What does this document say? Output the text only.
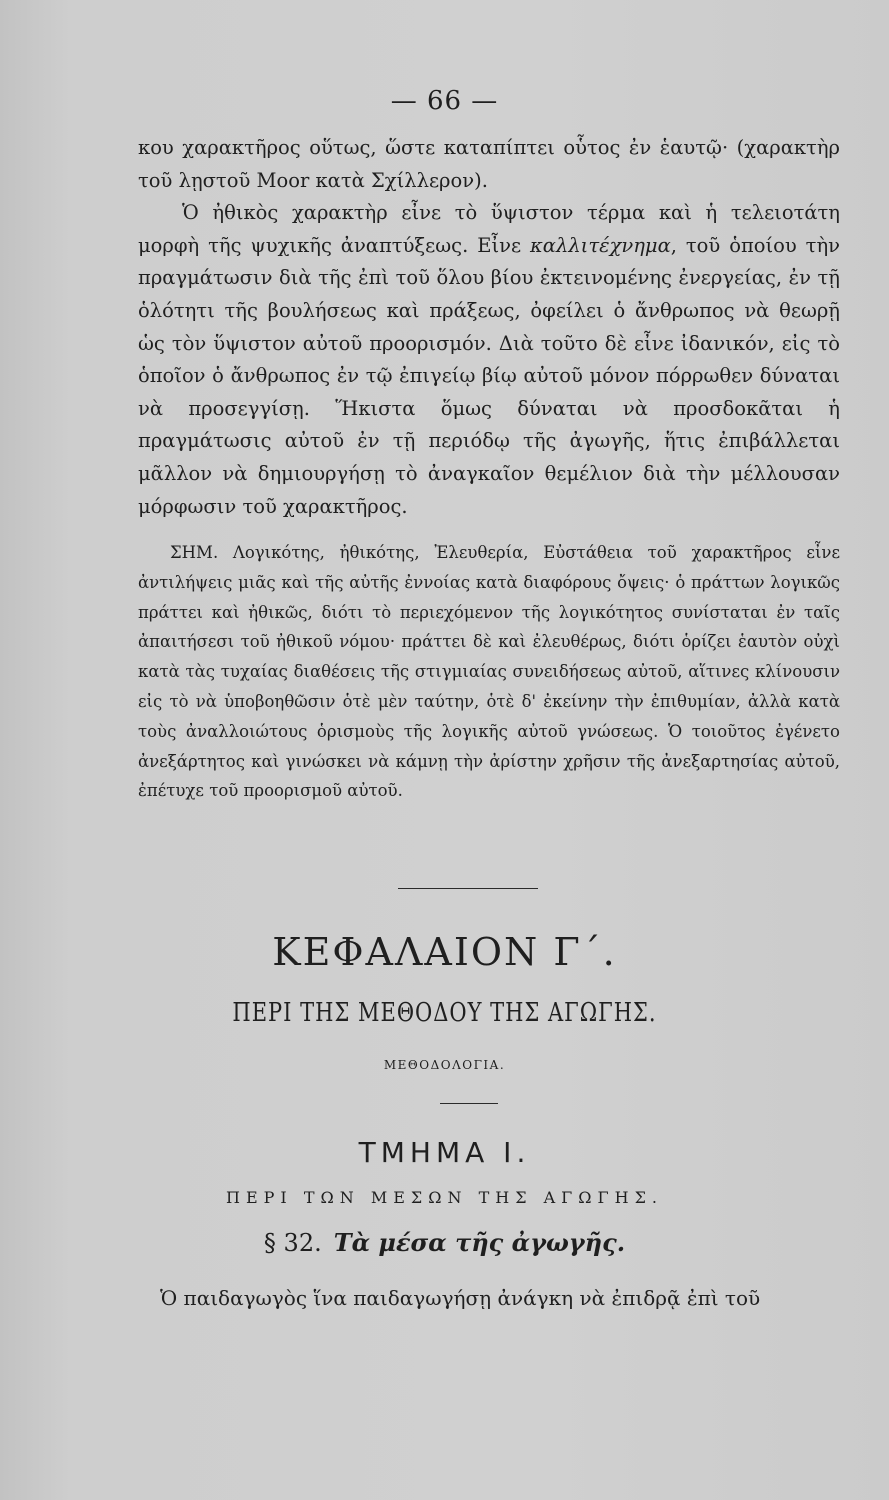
— 66 —

κου χαρακτῆρος οὕτως, ὥστε καταπίπτει οὗτος ἐν ἑαυτῷ· (χαρακτὴρ τοῦ λῃστοῦ Moor κατὰ Σχίλλερον).

Ὁ ἠθικὸς χαρακτὴρ εἶνε τὸ ὕψιστον τέρμα καὶ ἡ τελειοτάτη μορφὴ τῆς ψυχικῆς ἀναπτύξεως. Εἶνε καλλιτέχνημα, τοῦ ὁποίου τὴν πραγμάτωσιν διὰ τῆς ἐπὶ τοῦ ὅλου βίου ἐκτεινομένης ἐνεργείας, ἐν τῇ ὁλότητι τῆς βουλήσεως καὶ πράξεως, ὀφείλει ὁ ἄνθρωπος νὰ θεωρῇ ὡς τὸν ὕψιστον αὐτοῦ προορισμόν. Διὰ τοῦτο δὲ εἶνε ἰδανικόν, εἰς τὸ ὁποῖον ὁ ἄνθρωπος ἐν τῷ ἐπιγείῳ βίῳ αὐτοῦ μόνον πόρρωθεν δύναται νὰ προσεγγίσῃ. Ἥκιστα ὅμως δύναται νὰ προσδοκᾶται ἡ πραγμάτωσις αὐτοῦ ἐν τῇ περιόδῳ τῆς ἀγωγῆς, ἥτις ἐπιβάλλεται μᾶλλον νὰ δημιουργήσῃ τὸ ἀναγκαῖον θεμέλιον διὰ τὴν μέλλουσαν μόρφωσιν τοῦ χαρακτῆρος.

ΣΗΜ. Λογικότης, ἠθικότης, Ἐλευθερία, Εὐστάθεια τοῦ χαρακτῆρος εἶνε ἀντιλήψεις μιᾶς καὶ τῆς αὐτῆς ἐννοίας κατὰ διαφόρους ὄψεις· ὁ πράττων λογικῶς πράττει καὶ ἠθικῶς, διότι τὸ περιεχόμενον τῆς λογικότητος συνίσταται ἐν ταῖς ἀπαιτήσεσι τοῦ ἠθικοῦ νόμου· πράττει δὲ καὶ ἐλευθέρως, διότι ὁρίζει ἑαυτὸν οὐχὶ κατὰ τὰς τυχαίας διαθέσεις τῆς στιγμιαίας συνειδήσεως αὐτοῦ, αἵτινες κλίνουσιν εἰς τὸ νὰ ὑποβοηθῶσιν ὁτὲ μὲν ταύτην, ὁτὲ δ' ἐκείνην τὴν ἐπιθυμίαν, ἀλλὰ κατὰ τοὺς ἀναλλοιώτους ὁρισμοὺς τῆς λογικῆς αὐτοῦ γνώσεως. Ὁ τοιοῦτος ἐγένετο ἀνεξάρτητος καὶ γινώσκει νὰ κάμνῃ τὴν ἀρίστην χρῆσιν τῆς ἀνεξαρτησίας αὐτοῦ, ἐπέτυχε τοῦ προορισμοῦ αὐτοῦ.

ΚΕΦΑΛΑΙΟΝ Γ΄.
ΠΕΡΙ ΤΗΣ ΜΕΘΟΔΟΥ ΤΗΣ ΑΓΩΓΗΣ.
ΜΕΘΟΔΟΛΟΓΙΑ.
ΤΜΗΜΑ Ι.
ΠΕΡΙ ΤΩΝ ΜΕΣΩΝ ΤΗΣ ΑΓΩΓΗΣ.
§ 32. Τὰ μέσα τῆς ἀγωγῆς.
Ὁ παιδαγωγὸς ἵνα παιδαγωγήσῃ ἀνάγκη νὰ ἐπιδρᾷ ἐπὶ τοῦ
